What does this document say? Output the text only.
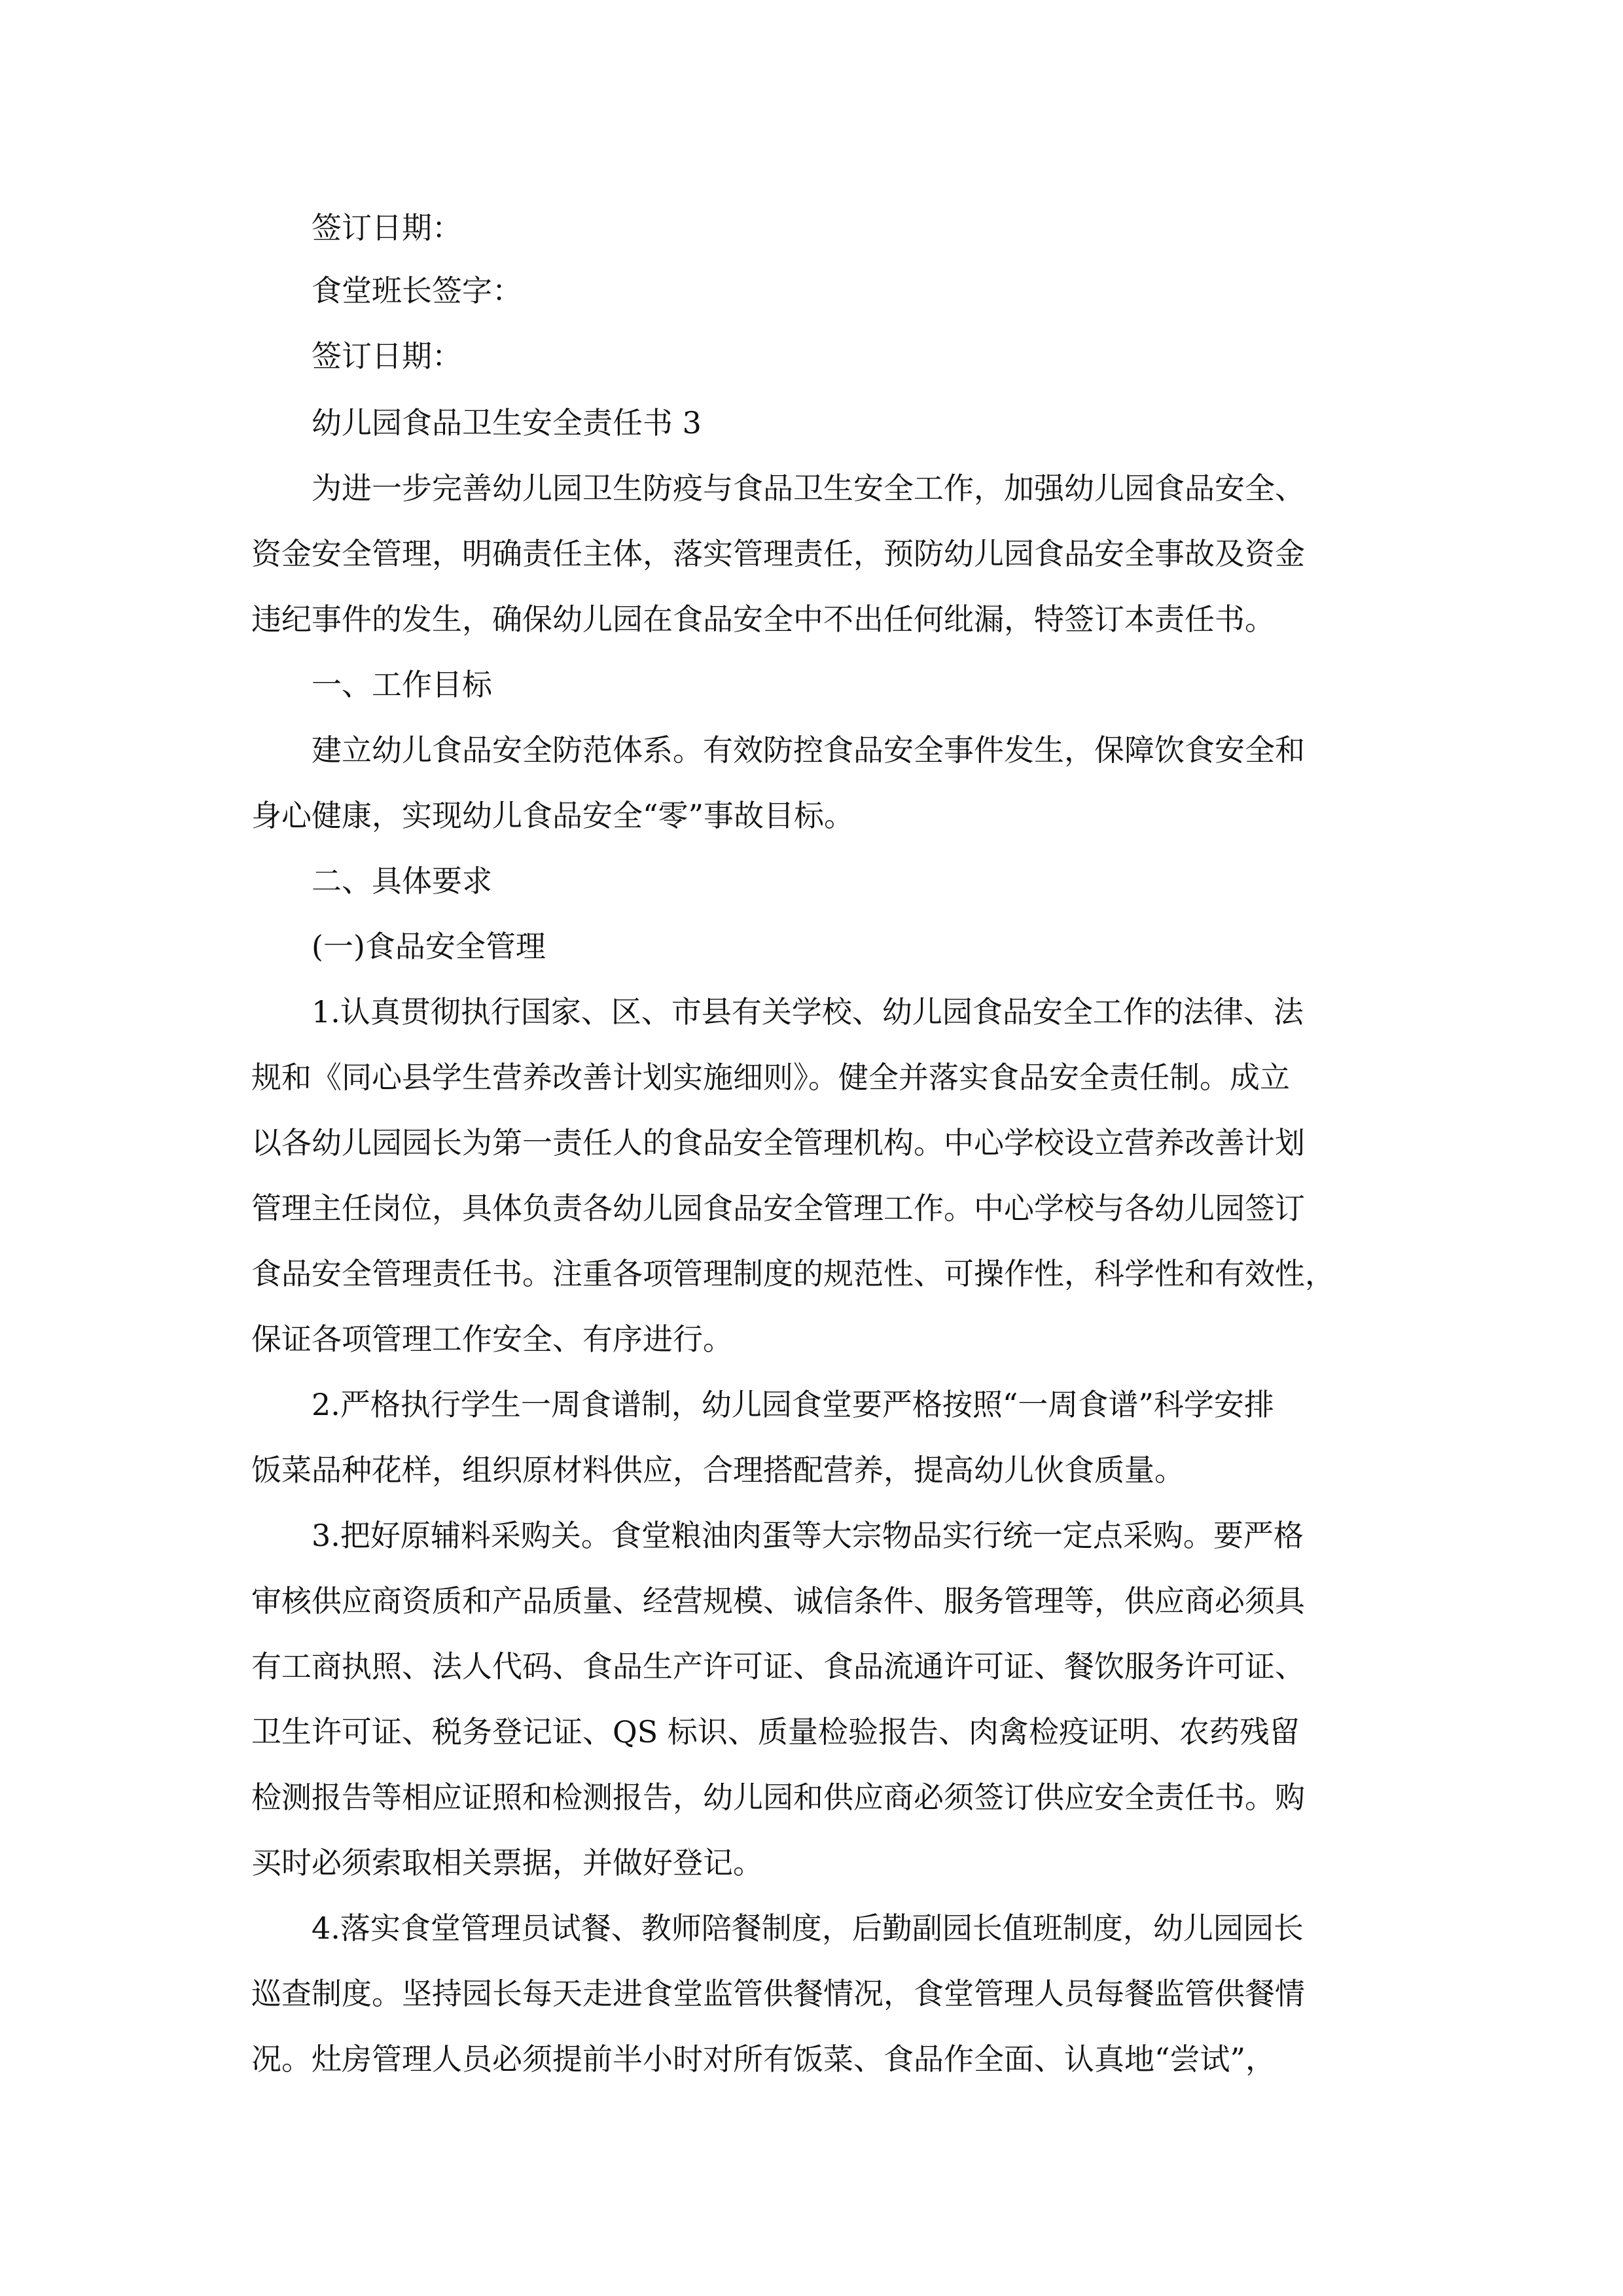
签订日期：

食堂班长签字：

签订日期：

幼儿园食品卫生安全责任书 3

为进一步完善幼儿园卫生防疫与食品卫生安全工作，加强幼儿园食品安全、

资金安全管理，明确责任主体，落实管理责任，预防幼儿园食品安全事故及资金

违纪事件的发生，确保幼儿园在食品安全中不出任何纰漏，特签订本责任书。

一、工作目标

建立幼儿食品安全防范体系。有效防控食品安全事件发生，保障饮食安全和

身心健康，实现幼儿食品安全“零”事故目标。

二、具体要求

(一)食品安全管理

1.认真贯彻执行国家、区、市县有关学校、幼儿园食品安全工作的法律、法

规和《同心县学生营养改善计划实施细则》。健全并落实食品安全责任制。成立

以各幼儿园园长为第一责任人的食品安全管理机构。中心学校设立营养改善计划

管理主任岗位，具体负责各幼儿园食品安全管理工作。中心学校与各幼儿园签订

食品安全管理责任书。注重各项管理制度的规范性、可操作性，科学性和有效性，

保证各项管理工作安全、有序进行。

2.严格执行学生一周食谱制，幼儿园食堂要严格按照“一周食谱”科学安排

饭菜品种花样，组织原材料供应，合理搭配营养，提高幼儿伙食质量。

3.把好原辅料采购关。食堂粮油肉蛋等大宗物品实行统一定点采购。要严格

审核供应商资质和产品质量、经营规模、诚信条件、服务管理等，供应商必须具

有工商执照、法人代码、食品生产许可证、食品流通许可证、餐饮服务许可证、

卫生许可证、税务登记证、QS 标识、质量检验报告、肉禽检疫证明、农药残留

检测报告等相应证照和检测报告，幼儿园和供应商必须签订供应安全责任书。购

买时必须索取相关票据，并做好登记。

4.落实食堂管理员试餐、教师陪餐制度，后勤副园长值班制度，幼儿园园长

巡查制度。坚持园长每天走进食堂监管供餐情况，食堂管理人员每餐监管供餐情

况。灶房管理人员必须提前半小时对所有饭菜、食品作全面、认真地“尝试”，
